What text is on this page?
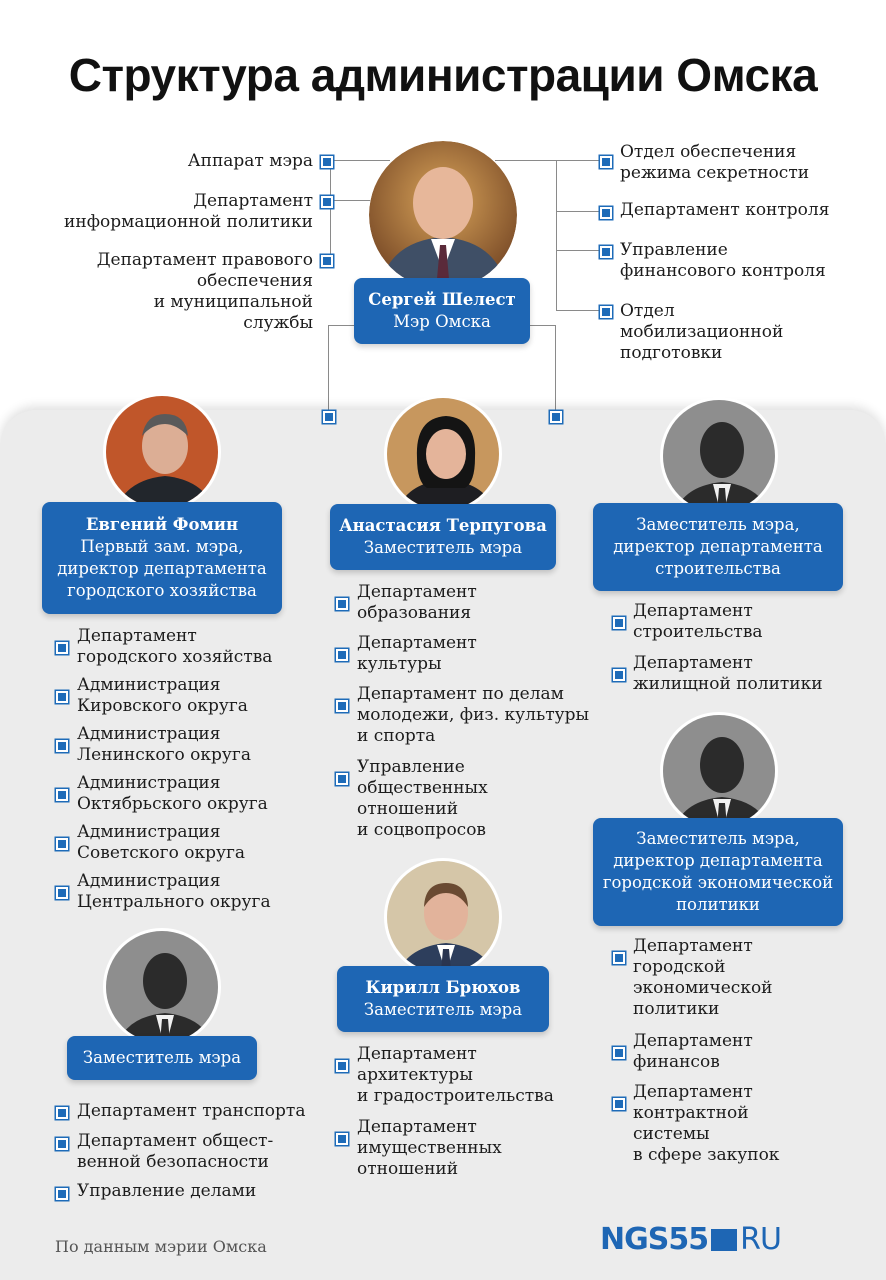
Структура администрации Омска
Аппарат мэра
Департамент
информационной политики
Департамент правового
обеспечения
и муниципальной
службы
Отдел обеспечения
режима секретности
Департамент контроля
Управление
финансового контроля
Отдел
мобилизационной
подготовки
Сергей Шелест
Мэр Омска
Евгений Фомин
Первый зам. мэра,
директор департамента
городского хозяйства
Департамент
городского хозяйства
Администрация
Кировского округа
Администрация
Ленинского округа
Администрация
Октябрьского округа
Администрация
Советского округа
Администрация
Центрального округа
Анастасия Терпугова
Заместитель мэра
Департамент
образования
Департамент
культуры
Департамент по делам
молодежи, физ. культуры
и спорта
Управление
общественных
отношений
и соцвопросов
Заместитель мэра,
директор департамента
строительства
Департамент
строительства
Департамент
жилищной политики
Заместитель мэра,
директор департамента
городской экономической
политики
Департамент
городской
экономической
политики
Департамент
финансов
Департамент
контрактной
системы
в сфере закупок
Заместитель мэра
Департамент транспорта
Департамент общест-
венной безопасности
Управление делами
Кирилл Брюхов
Заместитель мэра
Департамент
архитектуры
и градостроительства
Департамент
имущественных
отношений
По данным мэрии Омска	NGS55 RU
